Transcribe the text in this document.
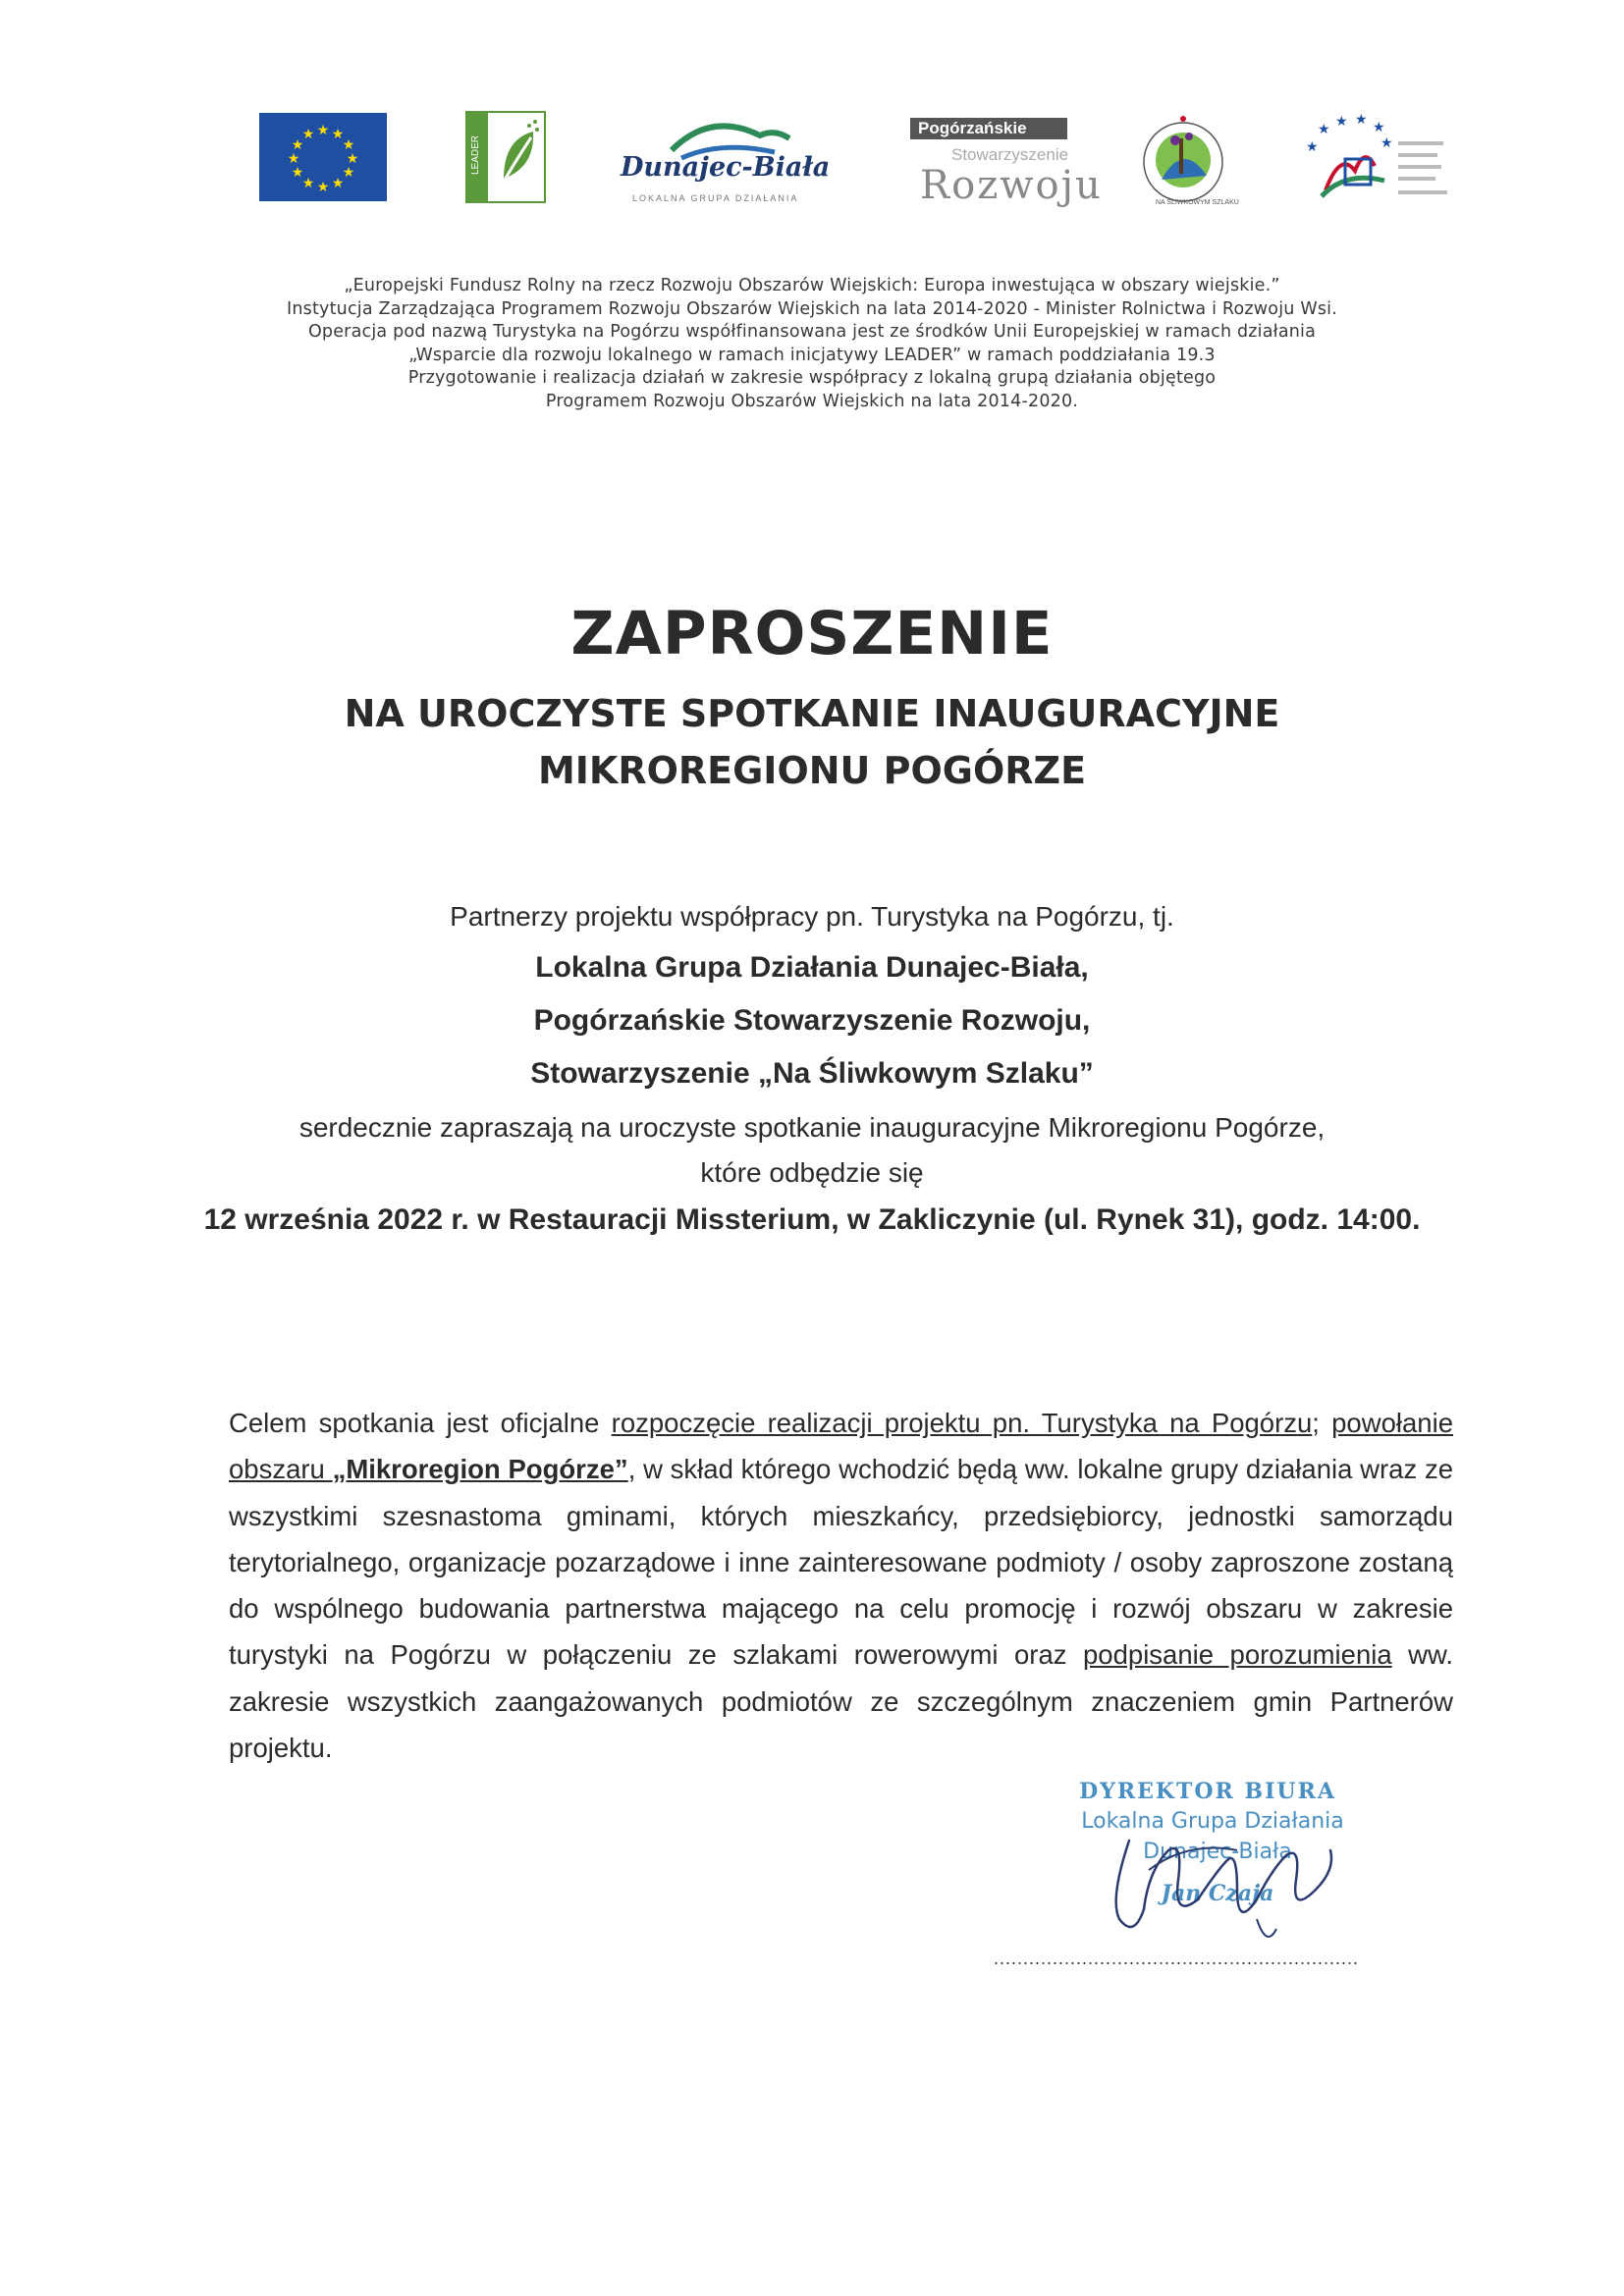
★ ★
★
★
★
★
★
★
★
★
★
★
LEADER	Dunajec-Biała
LOKALNA GRUPA DZIAŁANIA
Pogórzańskie
Stowarzyszenie
Rozwoju	NA ŚLIWKOWYM SZLAKU
★
★ ★ ★ ★
★
„Europejski Fundusz Rolny na rzecz Rozwoju Obszarów Wiejskich: Europa inwestująca w obszary wiejskie.”
Instytucja Zarządzająca Programem Rozwoju Obszarów Wiejskich na lata 2014-2020 - Minister Rolnictwa i Rozwoju Wsi.
Operacja pod nazwą Turystyka na Pogórzu współfinansowana jest ze środków Unii Europejskiej w ramach działania
„Wsparcie dla rozwoju lokalnego w ramach inicjatywy LEADER” w ramach poddziałania 19.3
Przygotowanie i realizacja działań w zakresie współpracy z lokalną grupą działania objętego
Programem Rozwoju Obszarów Wiejskich na lata 2014-2020.
ZAPROSZENIE
NA UROCZYSTE SPOTKANIE INAUGURACYJNE
MIKROREGIONU POGÓRZE
Partnerzy projektu współpracy pn. Turystyka na Pogórzu, tj.
Lokalna Grupa Działania Dunajec-Biała,
Pogórzańskie Stowarzyszenie Rozwoju,
Stowarzyszenie „Na Śliwkowym Szlaku”
serdecznie zapraszają na uroczyste spotkanie inauguracyjne Mikroregionu Pogórze,
które odbędzie się
12 września 2022 r. w Restauracji Missterium, w Zakliczynie (ul. Rynek 31), godz. 14:00.
Celem spotkania jest oficjalne rozpoczęcie realizacji projektu pn. Turystyka na Pogórzu; powołanie obszaru „Mikroregion Pogórze”, w skład którego wchodzić będą ww. lokalne grupy działania wraz ze wszystkimi szesnastoma gminami, których mieszkańcy, przedsiębiorcy, jednostki samorządu terytorialnego, organizacje pozarządowe i inne zainteresowane podmioty / osoby zaproszone zostaną do wspólnego budowania partnerstwa mającego na celu promocję i rozwój obszaru w zakresie turystyki na Pogórzu w połączeniu ze szlakami rowerowymi oraz podpisanie porozumienia ww. zakresie wszystkich zaangażowanych podmiotów ze szczególnym znaczeniem gmin Partnerów projektu.
DYREKTOR BIURA
Lokalna Grupa Działania
Dunajec-Biała
Jan Czaja
..............................................................
